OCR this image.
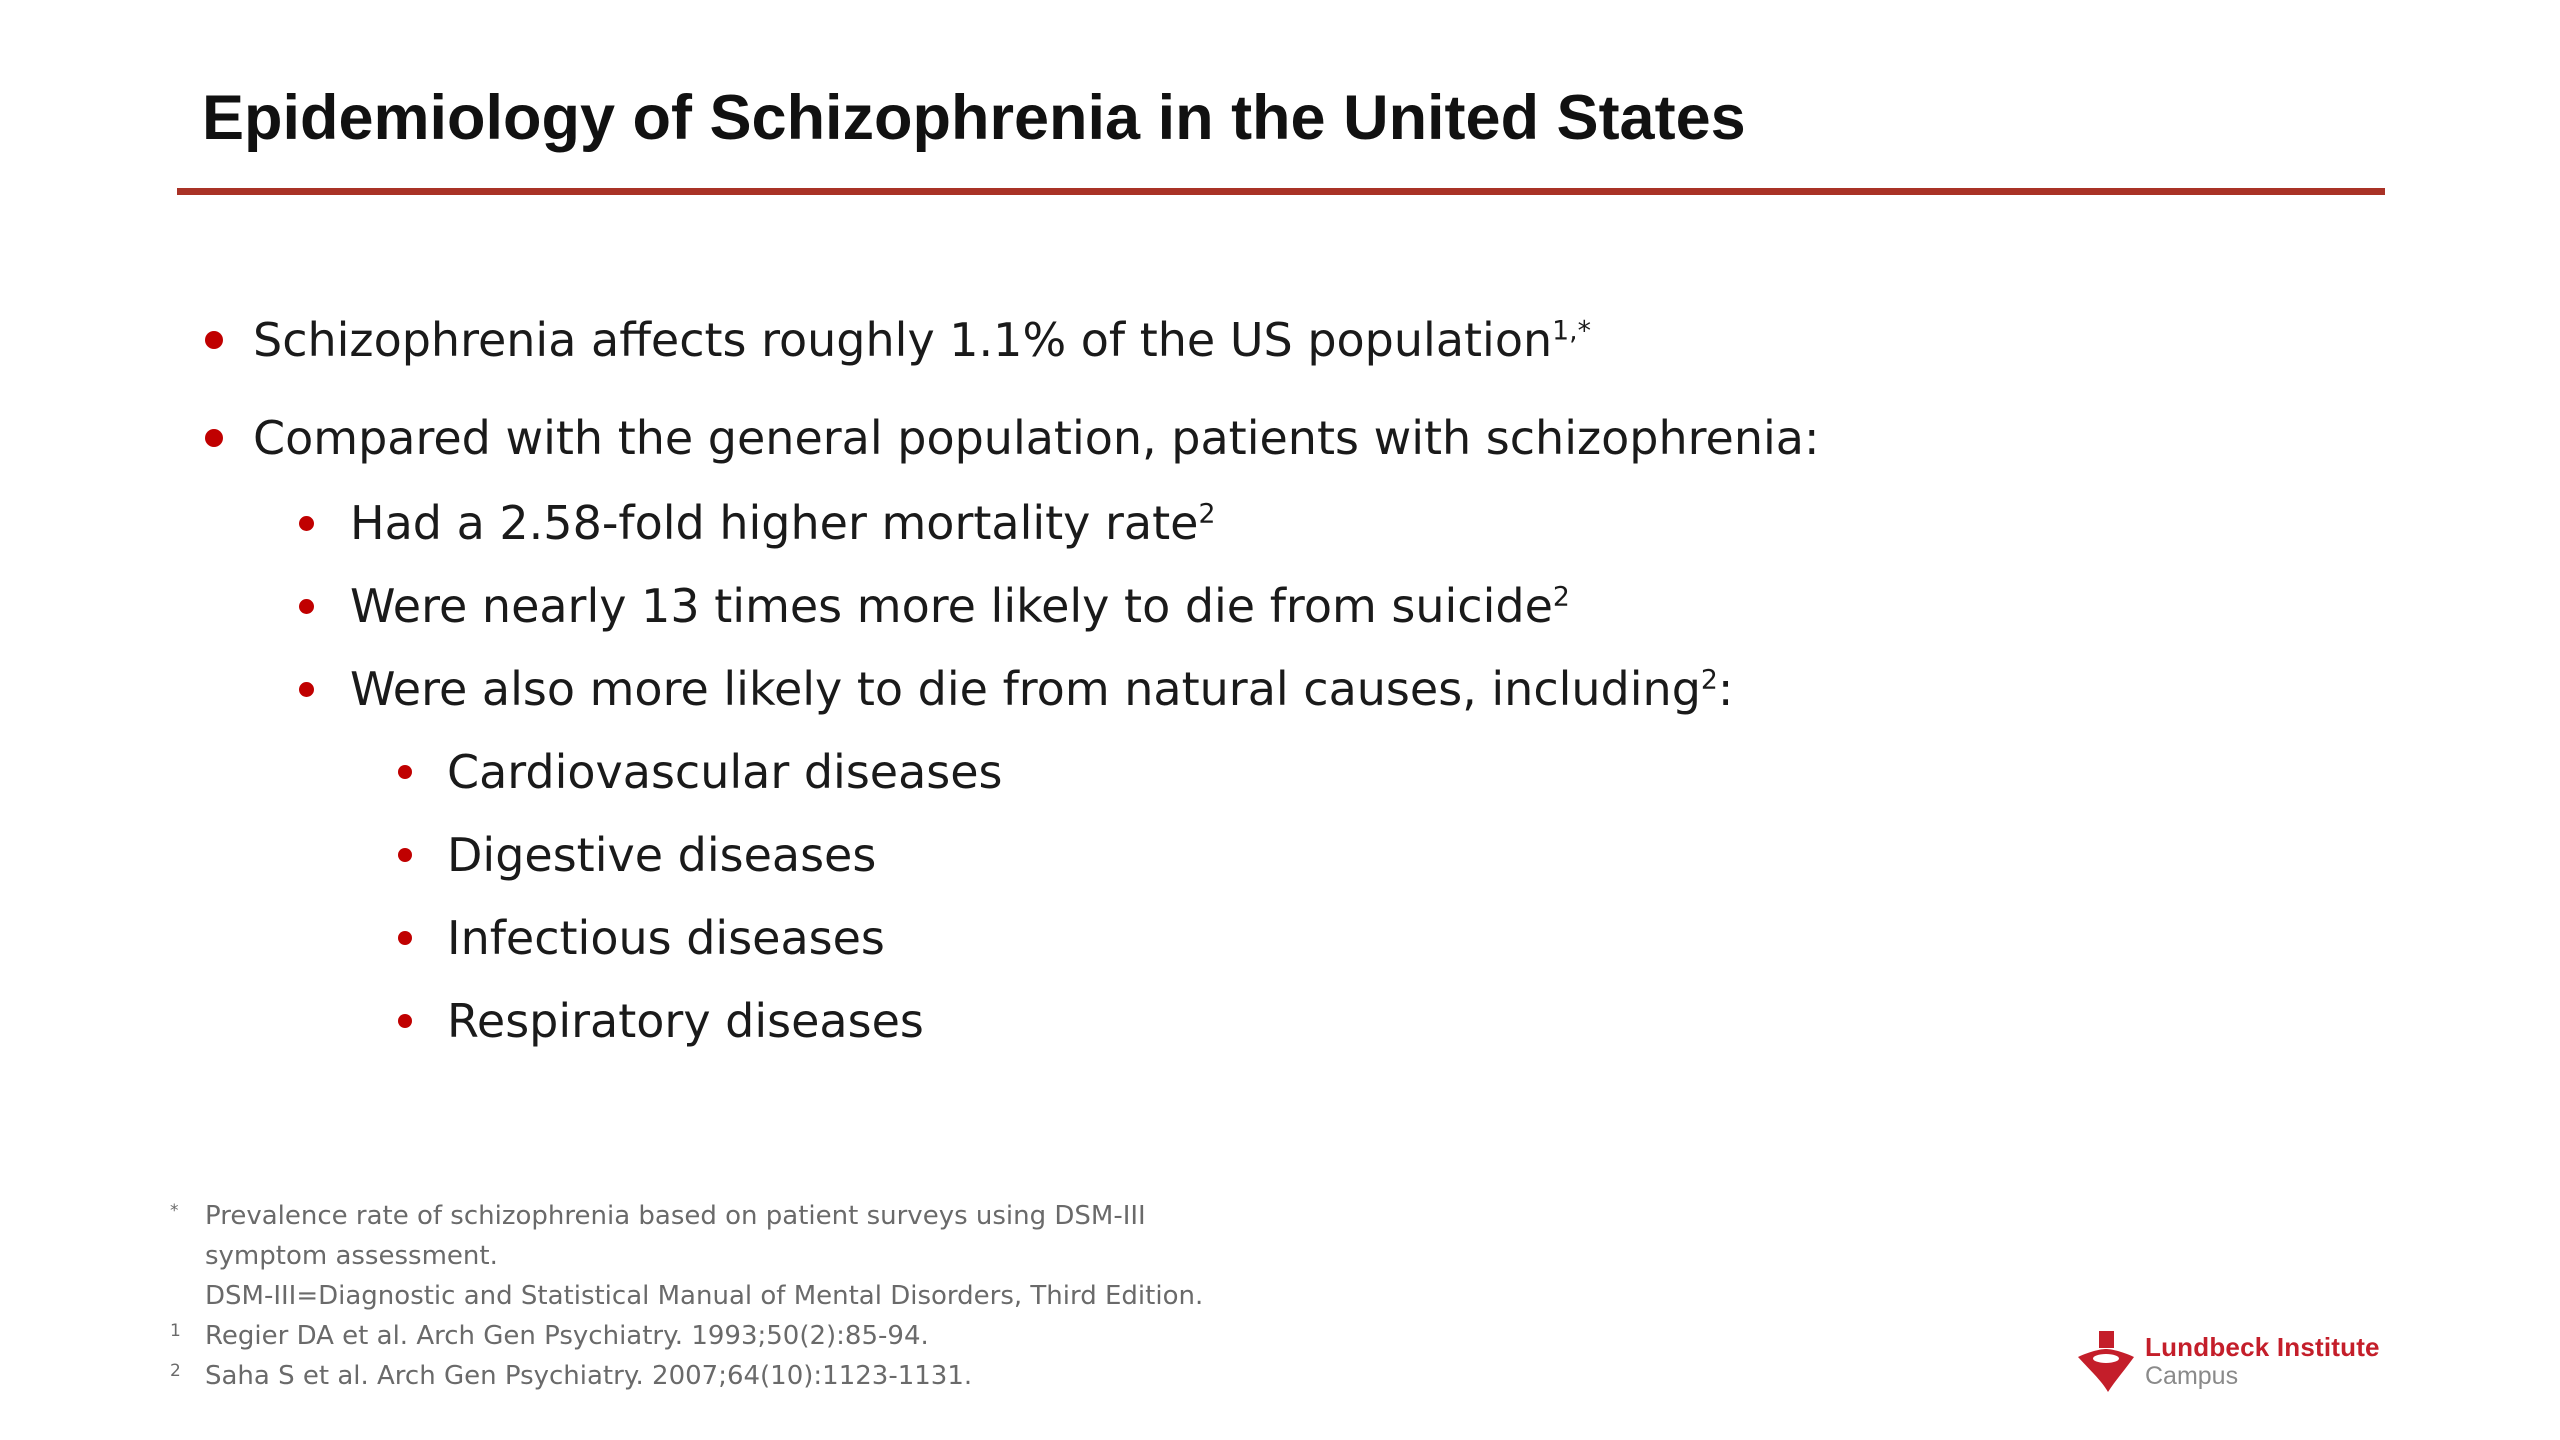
Epidemiology of Schizophrenia in the United States
Schizophrenia affects roughly 1.1% of the US population$^{1,*}$
Compared with the general population, patients with schizophrenia:
Had a 2.58-fold higher mortality rate$^2$
Were nearly 13 times more likely to die from suicide$^2$
Were also more likely to die from natural causes, including$^2$:
Cardiovascular diseases
Digestive diseases
Infectious diseases
Respiratory diseases
* Prevalence rate of schizophrenia based on patient surveys using DSM-III
symptom assessment.
DSM-III=Diagnostic and Statistical Manual of Mental Disorders, Third Edition.
1 Regier DA et al. Arch Gen Psychiatry. 1993;50(2):85-94.
2 Saha S et al. Arch Gen Psychiatry. 2007;64(10):1123-1131.
Lundbeck Institute
Campus
